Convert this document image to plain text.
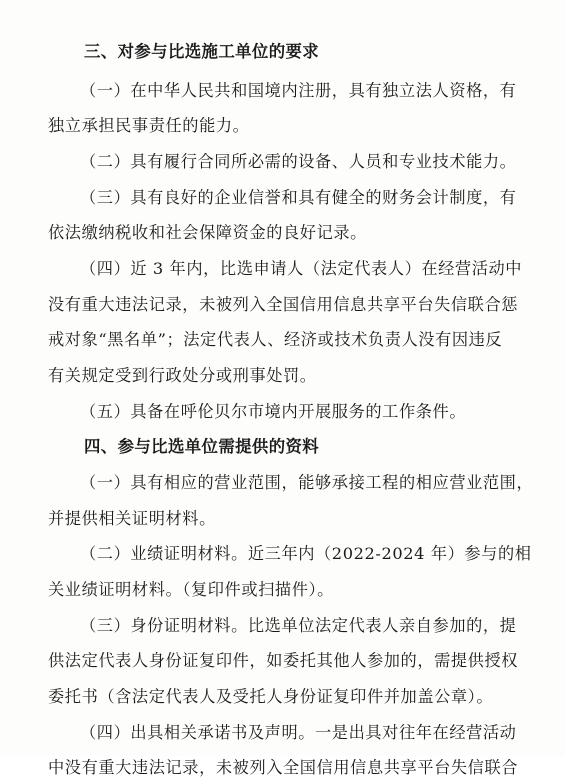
三、对参与比选施工单位的要求
（一）在中华人民共和国境内注册，具有独立法人资格，有
独立承担民事责任的能力。
（二）具有履行合同所必需的设备、人员和专业技术能力。
（三）具有良好的企业信誉和具有健全的财务会计制度，有
依法缴纳税收和社会保障资金的良好记录。
（四）近 3 年内，比选申请人（法定代表人）在经营活动中
没有重大违法记录，未被列入全国信用信息共享平台失信联合惩
戒对象“黑名单”；法定代表人、经济或技术负责人没有因违反
有关规定受到行政处分或刑事处罚。
（五）具备在呼伦贝尔市境内开展服务的工作条件。
四、参与比选单位需提供的资料
（一）具有相应的营业范围，能够承接工程的相应营业范围，
并提供相关证明材料。
（二）业绩证明材料。近三年内（2022-2024 年）参与的相
关业绩证明材料。（复印件或扫描件）。
（三）身份证明材料。比选单位法定代表人亲自参加的，提
供法定代表人身份证复印件，如委托其他人参加的，需提供授权
委托书（含法定代表人及受托人身份证复印件并加盖公章）。
（四）出具相关承诺书及声明。一是出具对往年在经营活动
中没有重大违法记录，未被列入全国信用信息共享平台失信联合
